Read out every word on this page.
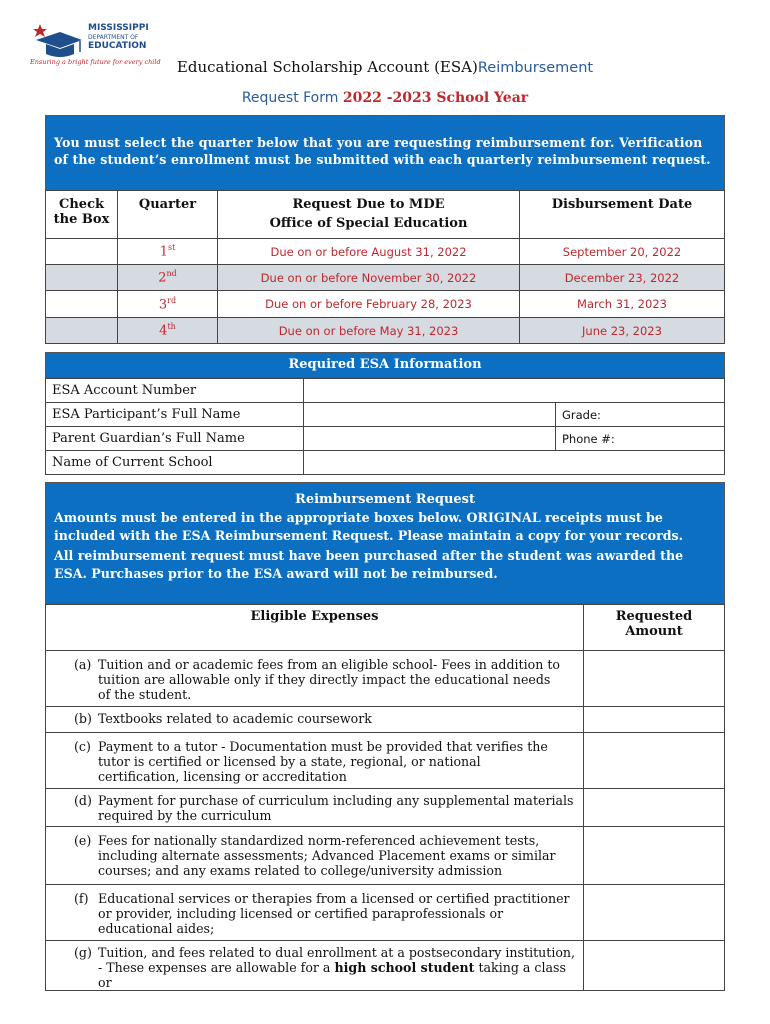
MISSISSIPPI
DEPARTMENT OF
EDUCATION
Ensuring a bright future for every child	Educational Scholarship Account (ESA)Reimbursement
Request Form 2022 -2023 School Year
You must select the quarter below that you are requesting reimbursement for. Verification of the student’s enrollment must be submitted with each quarterly reimbursement request.
Check the Box	Quarter	Request Due to MDE
Office of Special Education	Disbursement Date
	1st	Due on or before August 31, 2022	September 20, 2022
	2nd	Due on or before November 30, 2022	December 23, 2022
	3rd	Due on or before February 28, 2023	March 31, 2023
	4th	Due on or before May 31, 2023	June 23, 2023
Required ESA Information
ESA Account Number		
ESA Participant’s Full Name		Grade:
Parent Guardian’s Full Name		Phone #:
Name of Current School		
Reimbursement Request
Amounts must be entered in the appropriate boxes below. ORIGINAL receipts must be included with the ESA Reimbursement Request. Please maintain a copy for your records.
All reimbursement request must have been purchased after the student was awarded the ESA. Purchases prior to the ESA award will not be reimbursed.
Eligible Expenses	Requested Amount

(a) Tuition and or academic fees from an eligible school- Fees in addition to tuition are allowable only if they directly impact the educational needs of the student.	

(b) Textbooks related to academic coursework	

(c) Payment to a tutor - Documentation must be provided that verifies the tutor is certified or licensed by a state, regional, or national certification, licensing or accreditation	

(d) Payment for purchase of curriculum including any supplemental materials required by the curriculum	

(e) Fees for nationally standardized norm-referenced achievement tests, including alternate assessments; Advanced Placement exams or similar courses; and any exams related to college/university admission	

(f) Educational services or therapies from a licensed or certified practitioner or provider, including licensed or certified paraprofessionals or educational aides;	

(g) Tuition, and fees related to dual enrollment at a postsecondary institution, - These expenses are allowable for a high school student taking a class or	
